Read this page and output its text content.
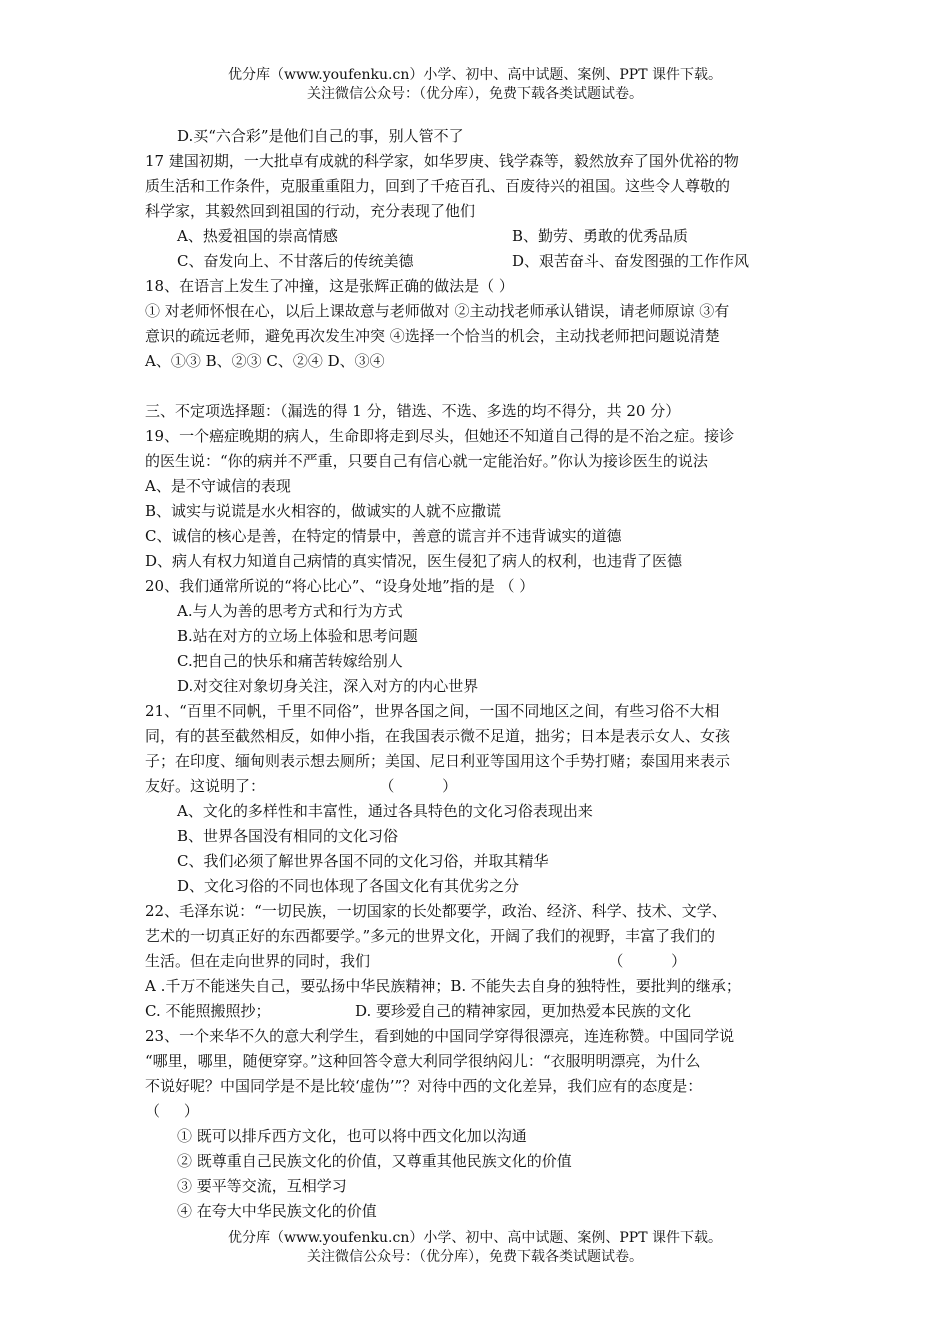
优分库（www.youfenku.cn）小学、初中、高中试题、案例、PPT 课件下载。
关注微信公众号：（优分库），免费下载各类试题试卷。
D.买“六合彩”是他们自己的事，别人管不了
17 建国初期，一大批卓有成就的科学家，如华罗庚、钱学森等，毅然放弃了国外优裕的物
质生活和工作条件，克服重重阻力，回到了千疮百孔、百废待兴的祖国。这些令人尊敬的
科学家，其毅然回到祖国的行动，充分表现了他们
A、热爱祖国的崇高情感	B、勤劳、勇敢的优秀品质
C、奋发向上、不甘落后的传统美德	D、艰苦奋斗、奋发图强的工作作风
18、在语言上发生了冲撞，这是张辉正确的做法是（ ）
① 对老师怀恨在心，以后上课故意与老师做对 ②主动找老师承认错误，请老师原谅 ③有
意识的疏远老师，避免再次发生冲突 ④选择一个恰当的机会，主动找老师把问题说清楚
A、①③ B、②③ C、②④ D、③④
三、不定项选择题：（漏选的得 1 分，错选、不选、多选的均不得分，共 20 分）
19、一个癌症晚期的病人，生命即将走到尽头，但她还不知道自己得的是不治之症。接诊
的医生说：“你的病并不严重，只要自己有信心就一定能治好。”你认为接诊医生的说法
A、是不守诚信的表现
B、诚实与说谎是水火相容的，做诚实的人就不应撒谎
C、诚信的核心是善，在特定的情景中，善意的谎言并不违背诚实的道德
D、病人有权力知道自己病情的真实情况，医生侵犯了病人的权利，也违背了医德
20、我们通常所说的“将心比心”、“设身处地”指的是 （ ）
A.与人为善的思考方式和行为方式
B.站在对方的立场上体验和思考问题
C.把自己的快乐和痛苦转嫁给别人
D.对交往对象切身关注，深入对方的内心世界
21、“百里不同帆，千里不同俗”，世界各国之间，一国不同地区之间，有些习俗不大相
同，有的甚至截然相反，如伸小指，在我国表示微不足道，拙劣；日本是表示女人、女孩
子；在印度、缅甸则表示想去厕所；美国、尼日利亚等国用这个手势打赌；泰国用来表示
友好。这说明了：                        （          ）
A、文化的多样性和丰富性，通过各具特色的文化习俗表现出来
B、世界各国没有相同的文化习俗
C、我们必须了解世界各国不同的文化习俗，并取其精华
D、文化习俗的不同也体现了各国文化有其优劣之分
22、毛泽东说：“一切民族，一切国家的长处都要学，政治、经济、科学、技术、文学、
艺术的一切真正好的东西都要学。”多元的世界文化，开阔了我们的视野，丰富了我们的
生活。但在走向世界的同时，我们                                                  （          ）
A .千万不能迷失自己，要弘扬中华民族精神；B. 不能失去自身的独特性，要批判的继承；
C. 不能照搬照抄；	D. 要珍爱自己的精神家园，更加热爱本民族的文化
23、一个来华不久的意大利学生，看到她的中国同学穿得很漂亮，连连称赞。中国同学说
“哪里，哪里，随便穿穿。”这种回答令意大利同学很纳闷儿：“衣服明明漂亮，为什么
不说好呢？中国同学是不是比较‘虚伪’”？对待中西的文化差异，我们应有的态度是：
（     ）
① 既可以排斥西方文化，也可以将中西文化加以沟通
② 既尊重自己民族文化的价值，又尊重其他民族文化的价值
③ 要平等交流，互相学习
④ 在夸大中华民族文化的价值
优分库（www.youfenku.cn）小学、初中、高中试题、案例、PPT 课件下载。
关注微信公众号：（优分库），免费下载各类试题试卷。
